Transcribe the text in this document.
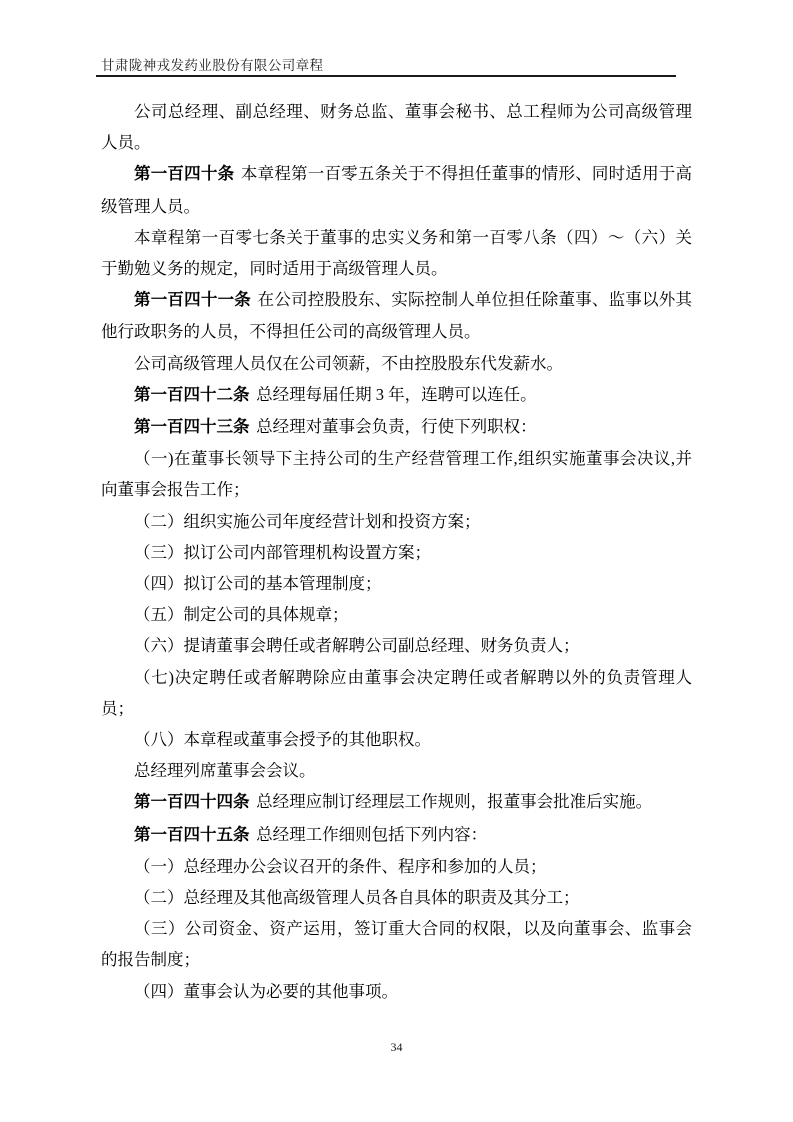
甘肃陇神戎发药业股份有限公司章程

公司总经理、副总经理、财务总监、董事会秘书、总工程师为公司高级管理人员。

第一百四十条 本章程第一百零五条关于不得担任董事的情形、同时适用于高级管理人员。

本章程第一百零七条关于董事的忠实义务和第一百零八条（四）～（六）关于勤勉义务的规定，同时适用于高级管理人员。

第一百四十一条 在公司控股股东、实际控制人单位担任除董事、监事以外其他行政职务的人员，不得担任公司的高级管理人员。

公司高级管理人员仅在公司领薪，不由控股股东代发薪水。

第一百四十二条 总经理每届任期 3 年，连聘可以连任。

第一百四十三条 总经理对董事会负责，行使下列职权：

（一)在董事长领导下主持公司的生产经营管理工作,组织实施董事会决议,并向董事会报告工作；

（二）组织实施公司年度经营计划和投资方案；

（三）拟订公司内部管理机构设置方案；

（四）拟订公司的基本管理制度；

（五）制定公司的具体规章；

（六）提请董事会聘任或者解聘公司副总经理、财务负责人；

（七)决定聘任或者解聘除应由董事会决定聘任或者解聘以外的负责管理人员；

（八）本章程或董事会授予的其他职权。

总经理列席董事会会议。

第一百四十四条 总经理应制订经理层工作规则，报董事会批准后实施。

第一百四十五条 总经理工作细则包括下列内容：

（一）总经理办公会议召开的条件、程序和参加的人员；

（二）总经理及其他高级管理人员各自具体的职责及其分工；

（三）公司资金、资产运用，签订重大合同的权限，以及向董事会、监事会的报告制度；

（四）董事会认为必要的其他事项。

34
